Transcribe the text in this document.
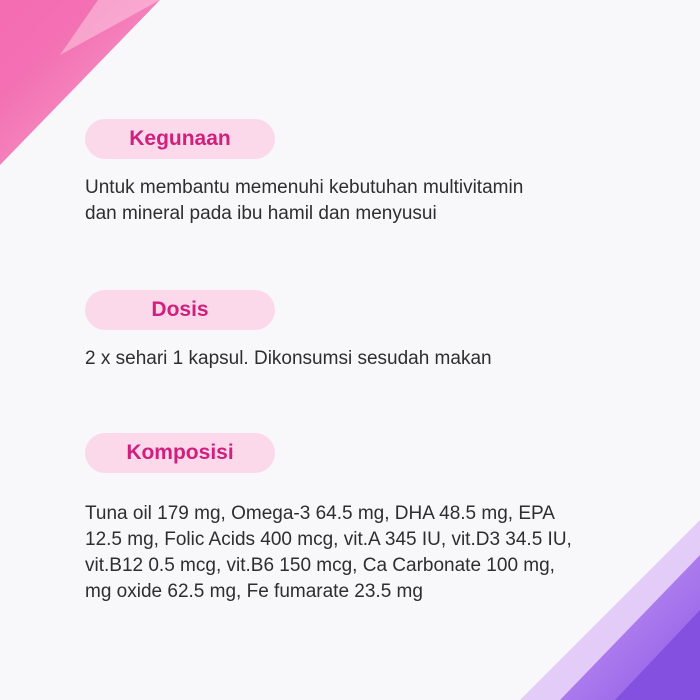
Kegunaan
Untuk membantu memenuhi kebutuhan multivitamin
dan mineral pada ibu hamil dan menyusui
Dosis
2 x sehari 1 kapsul. Dikonsumsi sesudah makan
Komposisi
Tuna oil 179 mg, Omega-3 64.5 mg, DHA 48.5 mg, EPA
12.5 mg, Folic Acids 400 mcg, vit.A 345 IU, vit.D3 34.5 IU,
vit.B12 0.5 mcg, vit.B6 150 mcg, Ca Carbonate 100 mg,
mg oxide 62.5 mg, Fe fumarate 23.5 mg
